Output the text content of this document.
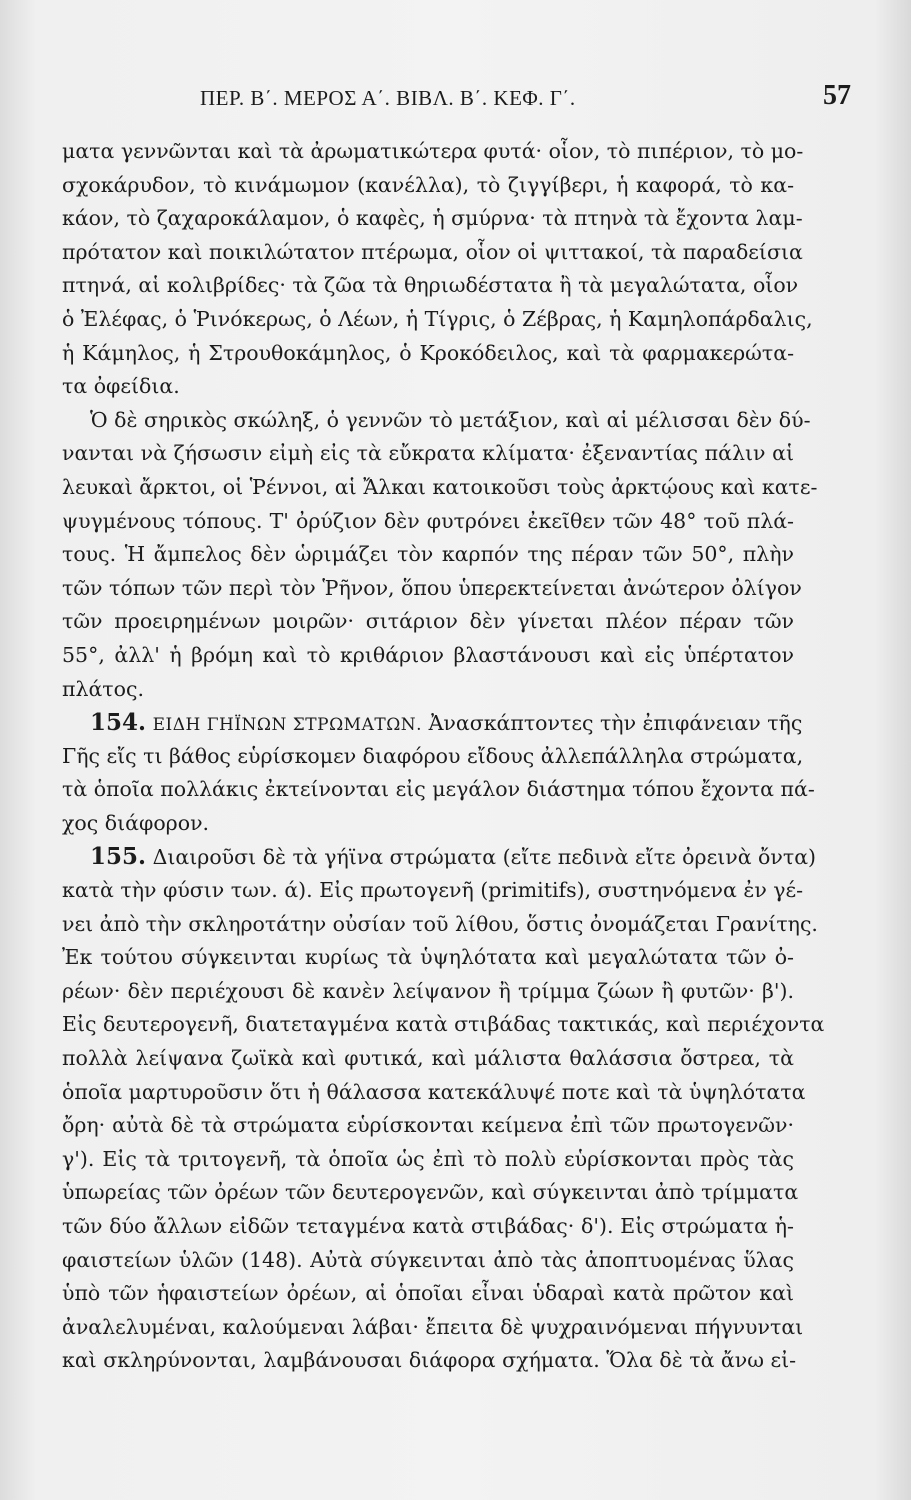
ΠΕΡ. Β΄. ΜΕΡΟΣ Α΄. ΒΙΒΛ. Β΄. ΚΕΦ. Γ΄.	57
ματα γεννῶνται καὶ τὰ ἀρωματικώτερα φυτά· οἷον, τὸ πιπέριον, τὸ μο-
σχοκάρυδον, τὸ κινάμωμον (κανέλλα), τὸ ζιγγίβερι, ἡ καφορά, τὸ κα-
κάον, τὸ ζαχαροκάλαμον, ὁ καφὲς, ἡ σμύρνα· τὰ πτηνὰ τὰ ἔχοντα λαμ-
πρότατον καὶ ποικιλώτατον πτέρωμα, οἷον οἱ ψιττακοί, τὰ παραδείσια
πτηνά, αἱ κολιβρίδες· τὰ ζῶα τὰ θηριωδέστατα ἢ τὰ μεγαλώτατα, οἷον
ὁ Ἐλέφας, ὁ Ῥινόκερως, ὁ Λέων, ἡ Τίγρις, ὁ Ζέβρας, ἡ Καμηλοπάρδαλις,
ἡ Κάμηλος, ἡ Στρουθοκάμηλος, ὁ Κροκόδειλος, καὶ τὰ φαρμακερώτα-
τα ὀφείδια.
Ὁ δὲ σηρικὸς σκώληξ, ὁ γεννῶν τὸ μετάξιον, καὶ αἱ μέλισσαι δὲν δύ-
νανται νὰ ζήσωσιν εἰμὴ εἰς τὰ εὔκρατα κλίματα· ἐξεναντίας πάλιν αἱ
λευκαὶ ἄρκτοι, οἱ Ῥέννοι, αἱ Ἄλκαι κατοικοῦσι τοὺς ἀρκτῴους καὶ κατε-
ψυγμένους τόπους. Τ' ὀρύζιον δὲν φυτρόνει ἐκεῖθεν τῶν 48° τοῦ πλά-
τους. Ἡ ἄμπελος δὲν ὡριμάζει τὸν καρπόν της πέραν τῶν 50°, πλὴν
τῶν τόπων τῶν περὶ τὸν Ῥῆνον, ὅπου ὑπερεκτείνεται ἀνώτερον ὀλίγον
τῶν προειρημένων μοιρῶν· σιτάριον δὲν γίνεται πλέον πέραν τῶν
55°, ἀλλ' ἡ βρόμη καὶ τὸ κριθάριον βλαστάνουσι καὶ εἰς ὑπέρτατον
πλάτος.
154. ΕΙΔΗ ΓΗΪΝΩΝ ΣΤΡΩΜΑΤΩΝ. Ἀνασκάπτοντες τὴν ἐπιφάνειαν τῆς
Γῆς εἴς τι βάθος εὑρίσκομεν διαφόρου εἴδους ἀλλεπάλληλα στρώματα,
τὰ ὁποῖα πολλάκις ἐκτείνονται εἰς μεγάλον διάστημα τόπου ἔχοντα πά-
χος διάφορον.
155. Διαιροῦσι δὲ τὰ γήϊνα στρώματα (εἴτε πεδινὰ εἴτε ὀρεινὰ ὄντα)
κατὰ τὴν φύσιν των. ά). Εἰς πρωτογενῆ (primitifs), συστηνόμενα ἐν γέ-
νει ἀπὸ τὴν σκληροτάτην οὐσίαν τοῦ λίθου, ὅστις ὀνομάζεται Γρανίτης.
Ἐκ τούτου σύγκεινται κυρίως τὰ ὑψηλότατα καὶ μεγαλώτατα τῶν ὀ-
ρέων· δὲν περιέχουσι δὲ κανὲν λείψανον ἢ τρίμμα ζώων ἢ φυτῶν· β').
Εἰς δευτερογενῆ, διατεταγμένα κατὰ στιβάδας τακτικάς, καὶ περιέχοντα
πολλὰ λείψανα ζωϊκὰ καὶ φυτικά, καὶ μάλιστα θαλάσσια ὄστρεα, τὰ
ὁποῖα μαρτυροῦσιν ὅτι ἡ θάλασσα κατεκάλυψέ ποτε καὶ τὰ ὑψηλότατα
ὄρη· αὐτὰ δὲ τὰ στρώματα εὑρίσκονται κείμενα ἐπὶ τῶν πρωτογενῶν·
γ'). Εἰς τὰ τριτογενῆ, τὰ ὁποῖα ὡς ἐπὶ τὸ πολὺ εὑρίσκονται πρὸς τὰς
ὑπωρείας τῶν ὀρέων τῶν δευτερογενῶν, καὶ σύγκεινται ἀπὸ τρίμματα
τῶν δύο ἄλλων εἰδῶν τεταγμένα κατὰ στιβάδας· δ'). Εἰς στρώματα ἡ-
φαιστείων ὑλῶν (148). Αὐτὰ σύγκεινται ἀπὸ τὰς ἀποπτυομένας ὕλας
ὑπὸ τῶν ἡφαιστείων ὀρέων, αἱ ὁποῖαι εἶναι ὑδαραὶ κατὰ πρῶτον καὶ
ἀναλελυμέναι, καλούμεναι λάβαι· ἔπειτα δὲ ψυχραινόμεναι πήγνυνται
καὶ σκληρύνονται, λαμβάνουσαι διάφορα σχήματα. Ὅλα δὲ τὰ ἄνω εἰ-
